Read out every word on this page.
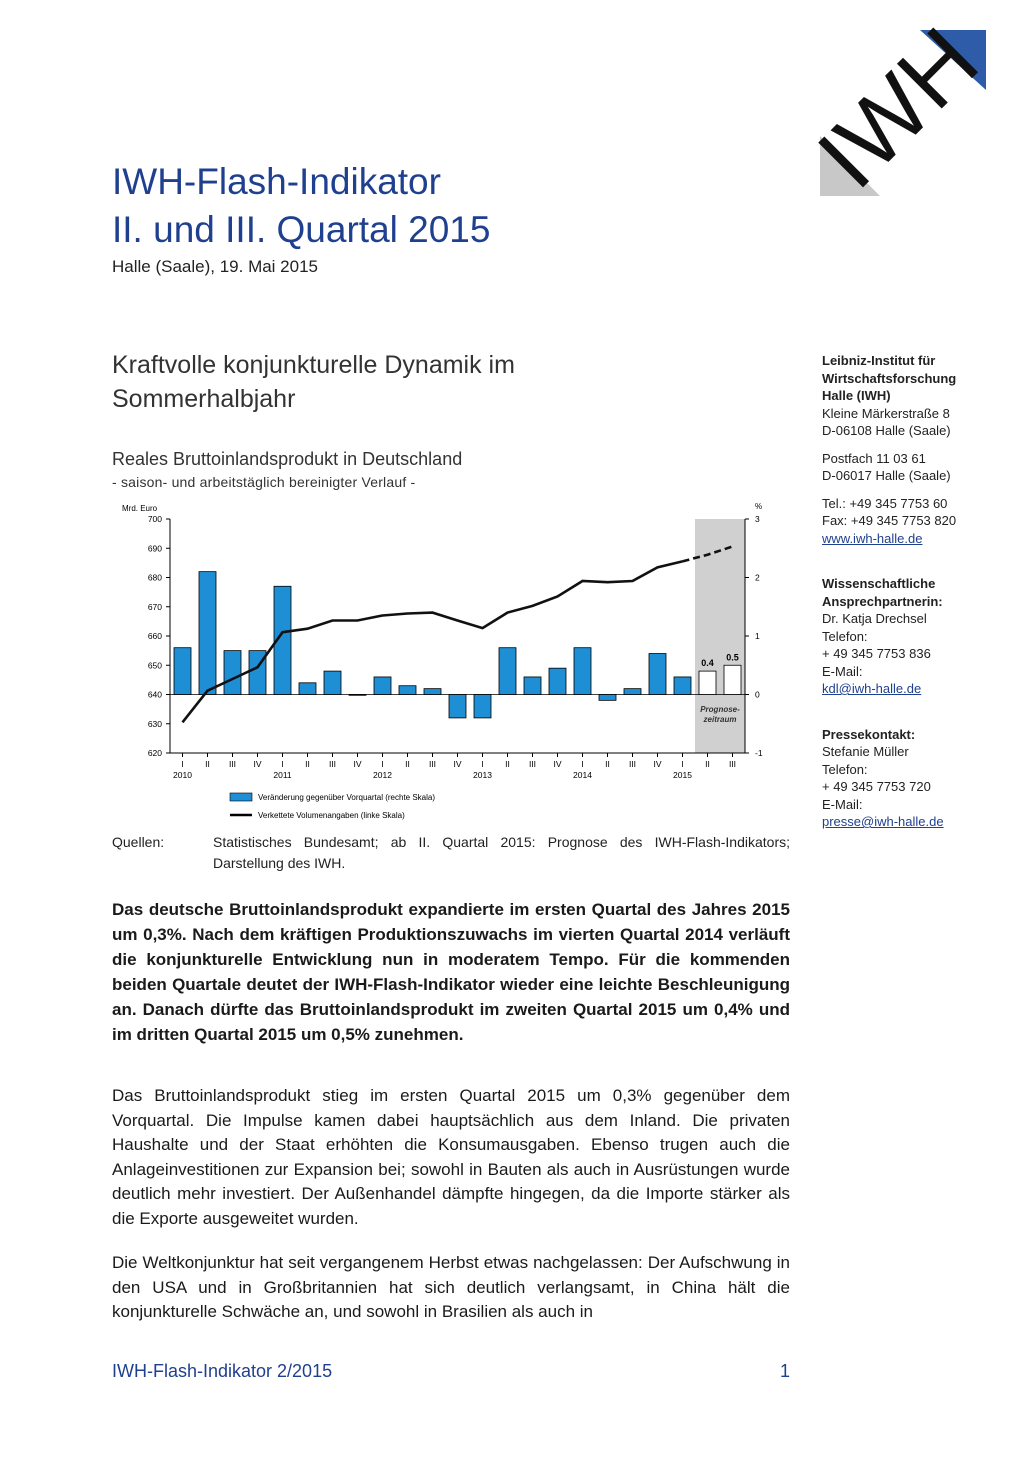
IWH
IWH-Flash-Indikator
II. und III. Quartal 2015
Halle (Saale), 19. Mai 2015
Kraftvolle konjunkturelle Dynamik im Sommerhalbjahr
Reales Bruttoinlandsprodukt in Deutschland
- saison- und arbeitstäglich bereinigter Verlauf -
Prognose-
zeitraum
Mrd. Euro	%
700
690
680
670
660
650
640
630
620
3
2
1
0
-1
0.4
0.5
I	II III IV I	II III IV I	II III IV I	II III IV I	II III IV I	II III
2010	2011	2012	2013	2014	2015
Veränderung gegenüber Vorquartal (rechte Skala)
Verkettete Volumenangaben (linke Skala)
Quellen:	Statistisches Bundesamt; ab II. Quartal 2015: Prognose des IWH-Flash-Indikators; Darstellung des IWH.

Das deutsche Bruttoinlandsprodukt expandierte im ersten Quartal des Jahres 2015 um 0,3%. Nach dem kräftigen Produktionszuwachs im vierten Quartal 2014 verläuft die konjunkturelle Entwicklung nun in moderatem Tempo. Für die kommenden beiden Quartale deutet der IWH-Flash-Indikator wieder eine leichte Beschleunigung an. Danach dürfte das Bruttoinlandsprodukt im zweiten Quartal 2015 um 0,4% und im dritten Quartal 2015 um 0,5% zunehmen.

Das Bruttoinlandsprodukt stieg im ersten Quartal 2015 um 0,3% gegenüber dem Vorquartal. Die Impulse kamen dabei hauptsächlich aus dem Inland. Die privaten Haushalte und der Staat erhöhten die Konsumausgaben. Ebenso trugen auch die Anlageinvestitionen zur Expansion bei; sowohl in Bauten als auch in Ausrüstungen wurde deutlich mehr investiert. Der Außenhandel dämpfte hingegen, da die Importe stärker als die Exporte ausgeweitet wurden.

Die Weltkonjunktur hat seit vergangenem Herbst etwas nachgelassen: Der Aufschwung in den USA und in Großbritannien hat sich deutlich verlangsamt, in China hält die konjunkturelle Schwäche an, und sowohl in Brasilien als auch in

Leibniz-Institut für
Wirtschaftsforschung
Halle (IWH)
Kleine Märkerstraße 8
D-06108 Halle (Saale)
Postfach 11 03 61
D-06017 Halle (Saale)
Tel.: +49 345 7753 60
Fax: +49 345 7753 820
www.iwh-halle.de
Wissenschaftliche
Ansprechpartnerin:
Dr. Katja Drechsel
Telefon:
+ 49 345 7753 836
E-Mail:
kdl@iwh-halle.de
Pressekontakt:
Stefanie Müller
Telefon:
+ 49 345 7753 720
E-Mail:
presse@iwh-halle.de
IWH-Flash-Indikator 2/2015	1
